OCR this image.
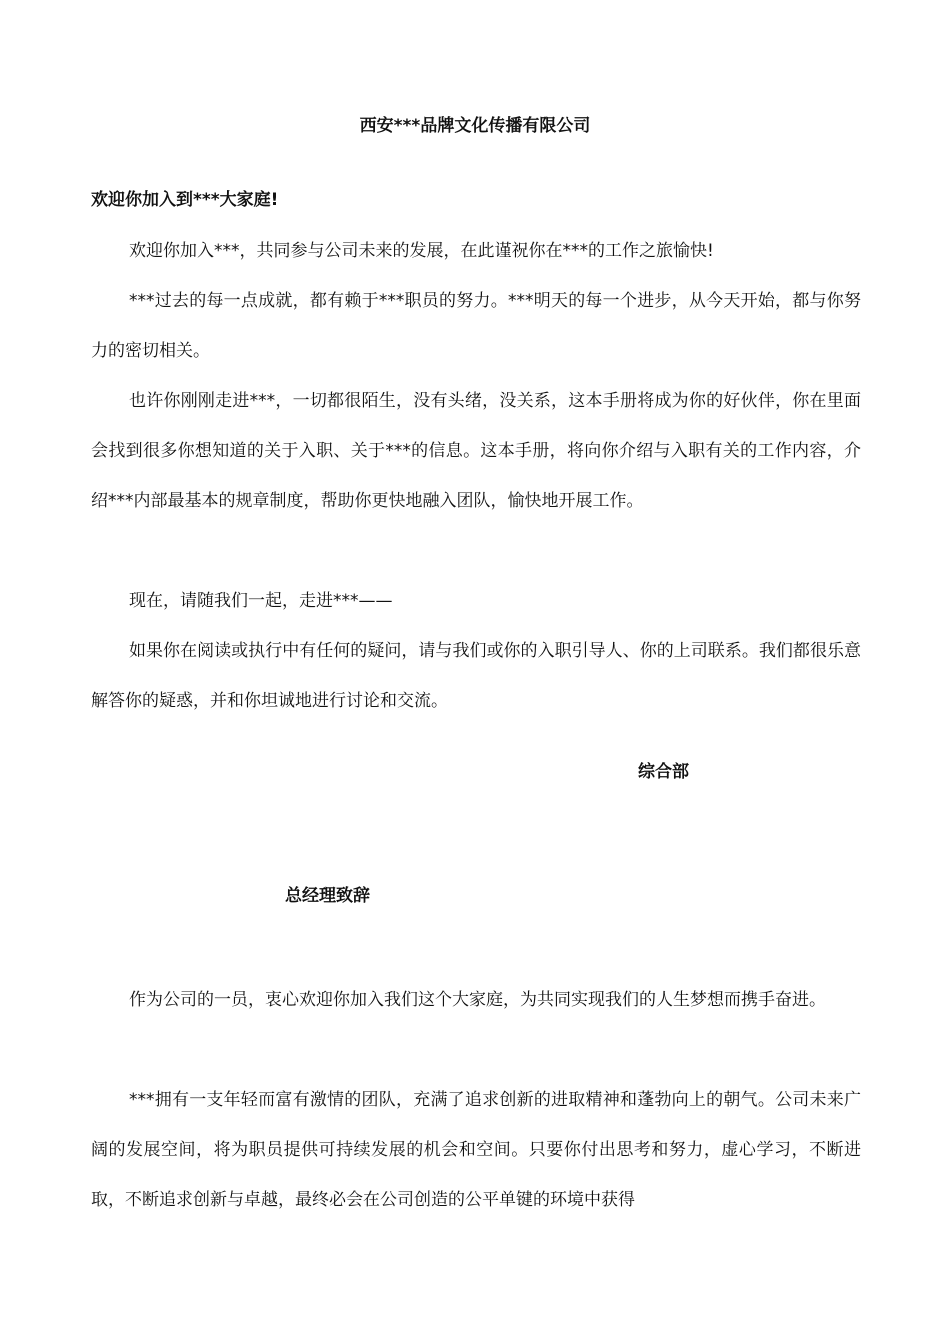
西安***品牌文化传播有限公司
欢迎你加入到***大家庭!

欢迎你加入***，共同参与公司未来的发展，在此谨祝你在***的工作之旅愉快!

***过去的每一点成就，都有赖于***职员的努力。***明天的每一个进步，从今天开始，都与你努力的密切相关。

也许你刚刚走进***，一切都很陌生，没有头绪，没关系，这本手册将成为你的好伙伴，你在里面会找到很多你想知道的关于入职、关于***的信息。这本手册，将向你介绍与入职有关的工作内容，介绍***内部最基本的规章制度，帮助你更快地融入团队，愉快地开展工作。

现在，请随我们一起，走进***——

如果你在阅读或执行中有任何的疑问，请与我们或你的入职引导人、你的上司联系。我们都很乐意解答你的疑惑，并和你坦诚地进行讨论和交流。

综合部
总经理致辞

作为公司的一员，衷心欢迎你加入我们这个大家庭，为共同实现我们的人生梦想而携手奋进。

***拥有一支年轻而富有激情的团队，充满了追求创新的进取精神和蓬勃向上的朝气。公司未来广阔的发展空间，将为职员提供可持续发展的机会和空间。只要你付出思考和努力，虚心学习，不断进取，不断追求创新与卓越，最终必会在公司创造的公平单键的环境中获得
